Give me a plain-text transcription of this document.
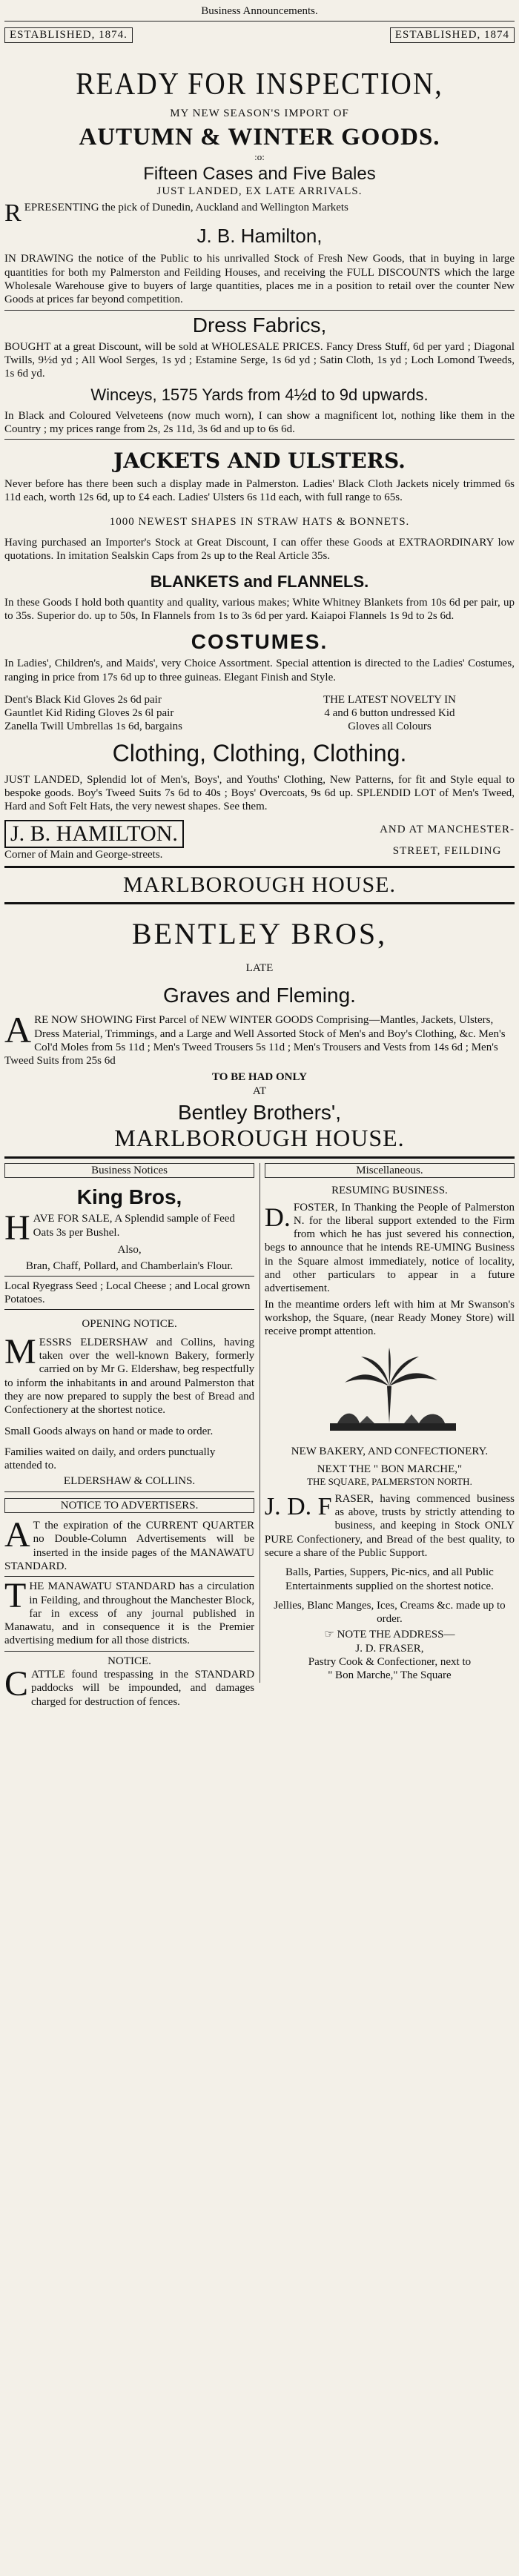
Business Announcements.
ESTABLISHED, 1874.	ESTABLISHED, 1874
READY FOR INSPECTION,
MY NEW SEASON'S IMPORT OF
AUTUMN & WINTER GOODS.
:o:
Fifteen Cases and Five Bales
JUST LANDED, EX LATE ARRIVALS.
R EPRESENTING the pick of Dunedin, Auckland and Wellington Markets
J. B. Hamilton,

IN DRAWING the notice of the Public to his unrivalled Stock of Fresh New Goods, that in buying in large quantities for both my Palmerston and Feilding Houses, and receiving the FULL DISCOUNTS which the large Wholesale Warehouse give to buyers of large quantities, places me in a position to retail over the counter New Goods at prices far beyond competition.

Dress Fabrics,

BOUGHT at a great Discount, will be sold at WHOLESALE PRICES. Fancy Dress Stuff, 6d per yard ; Diagonal Twills, 9½d yd ; All Wool Serges, 1s yd ; Estamine Serge, 1s 6d yd ; Satin Cloth, 1s yd ; Loch Lomond Tweeds, 1s 6d yd.

Winceys, 1575 Yards from 4½d to 9d upwards.

In Black and Coloured Velveteens (now much worn), I can show a magnificent lot, nothing like them in the Country ; my prices range from 2s, 2s 11d, 3s 6d and up to 6s 6d.

JACKETS AND ULSTERS.

Never before has there been such a display made in Palmerston. Ladies' Black Cloth Jackets nicely trimmed 6s 11d each, worth 12s 6d, up to £4 each. Ladies' Ulsters 6s 11d each, with full range to 65s.

1000 NEWEST SHAPES IN STRAW HATS & BONNETS.

Having purchased an Importer's Stock at Great Discount, I can offer these Goods at EXTRAORDINARY low quotations. In imitation Sealskin Caps from 2s up to the Real Article 35s.

BLANKETS and FLANNELS.

In these Goods I hold both quantity and quality, various makes; White Whitney Blankets from 10s 6d per pair, up to 35s. Superior do. up to 50s, In Flannels from 1s to 3s 6d per yard. Kaiapoi Flannels 1s 9d to 2s 6d.

COSTUMES.

In Ladies', Children's, and Maids', very Choice Assortment. Special attention is directed to the Ladies' Costumes, ranging in price from 17s 6d up to three guineas. Elegant Finish and Style.

Dent's Black Kid Gloves 2s 6d pair
Gauntlet Kid Riding Gloves 2s 6l pair
Zanella Twill Umbrellas 1s 6d, bargains
THE LATEST NOVELTY IN
4 and 6 button undressed Kid
Gloves all Colours
Clothing, Clothing, Clothing.

JUST LANDED, Splendid lot of Men's, Boys', and Youths' Clothing, New Patterns, for fit and Style equal to bespoke goods. Boy's Tweed Suits 7s 6d to 40s ; Boys' Overcoats, 9s 6d up. SPLENDID LOT of Men's Tweed, Hard and Soft Felt Hats, the very newest shapes. See them.

J. B. HAMILTON.
Corner of Main and George-streets.
AND AT MANCHESTER-
STREET, FEILDING
MARLBOROUGH HOUSE.
BENTLEY BROS,
LATE
Graves and Fleming.
A RE NOW SHOWING First Parcel of NEW WINTER GOODS Comprising—Mantles, Jackets, Ulsters, Dress Material, Trimmings, and a Large and Well Assorted Stock of Men's and Boy's Clothing, &c. Men's Col'd Moles from 5s 11d ; Men's Tweed Trousers 5s 11d ; Men's Trousers and Vests from 14s 6d ; Men's Tweed Suits from 25s 6d
TO BE HAD ONLY
AT
Bentley Brothers',
MARLBOROUGH HOUSE.
Business Notices
King Bros,
H AVE FOR SALE, A Splendid sample of Feed Oats 3s per Bushel.
Also,

Bran, Chaff, Pollard, and Chamberlain's Flour.

Local Ryegrass Seed ; Local Cheese ; and Local grown Potatoes.

OPENING NOTICE.
M ESSRS ELDERSHAW and Collins, having taken over the well-known Bakery, formerly carried on by Mr G. Eldershaw, beg respectfully to inform the inhabitants in and around Palmerston that they are now prepared to supply the best of Bread and Confectionery at the shortest notice.

Small Goods always on hand or made to order.

Families waited on daily, and orders punctually attended to.

ELDERSHAW & COLLINS.
NOTICE TO ADVERTISERS.
A T the expiration of the CURRENT QUARTER no Double-Column Advertisements will be inserted in the inside pages of the MANAWATU STANDARD.
T HE MANAWATU STANDARD has a circulation in Feilding, and throughout the Manchester Block, far in excess of any journal published in Manawatu, and in consequence it is the Premier advertising medium for all those districts.
NOTICE.
C ATTLE found trespassing in the STANDARD paddocks will be impounded, and damages charged for destruction of fences.
Miscellaneous.
RESUMING BUSINESS.
D. FOSTER, In Thanking the People of Palmerston N. for the liberal support extended to the Firm from which he has just severed his connection, begs to announce that he intends RE-UMING Business in the Square almost immediately, notice of locality, and other particulars to appear in a future advertisement.

In the meantime orders left with him at Mr Swanson's workshop, the Square, (near Ready Money Store) will receive prompt attention.

NEW BAKERY, AND CONFECTIONERY.
NEXT THE " BON MARCHE,"
THE SQUARE, PALMERSTON NORTH.
J. D. F RASER, having commenced business as above, trusts by strictly attending to business, and keeping in Stock ONLY PURE Confectionery, and Bread of the best quality, to secure a share of the Public Support.

Balls, Parties, Suppers, Pic-nics, and all Public Entertainments supplied on the shortest notice.

Jellies, Blanc Manges, Ices, Creams &c. made up to order.

☞ NOTE THE ADDRESS—
J. D. FRASER,
Pastry Cook & Confectioner, next to
" Bon Marche," The Square
